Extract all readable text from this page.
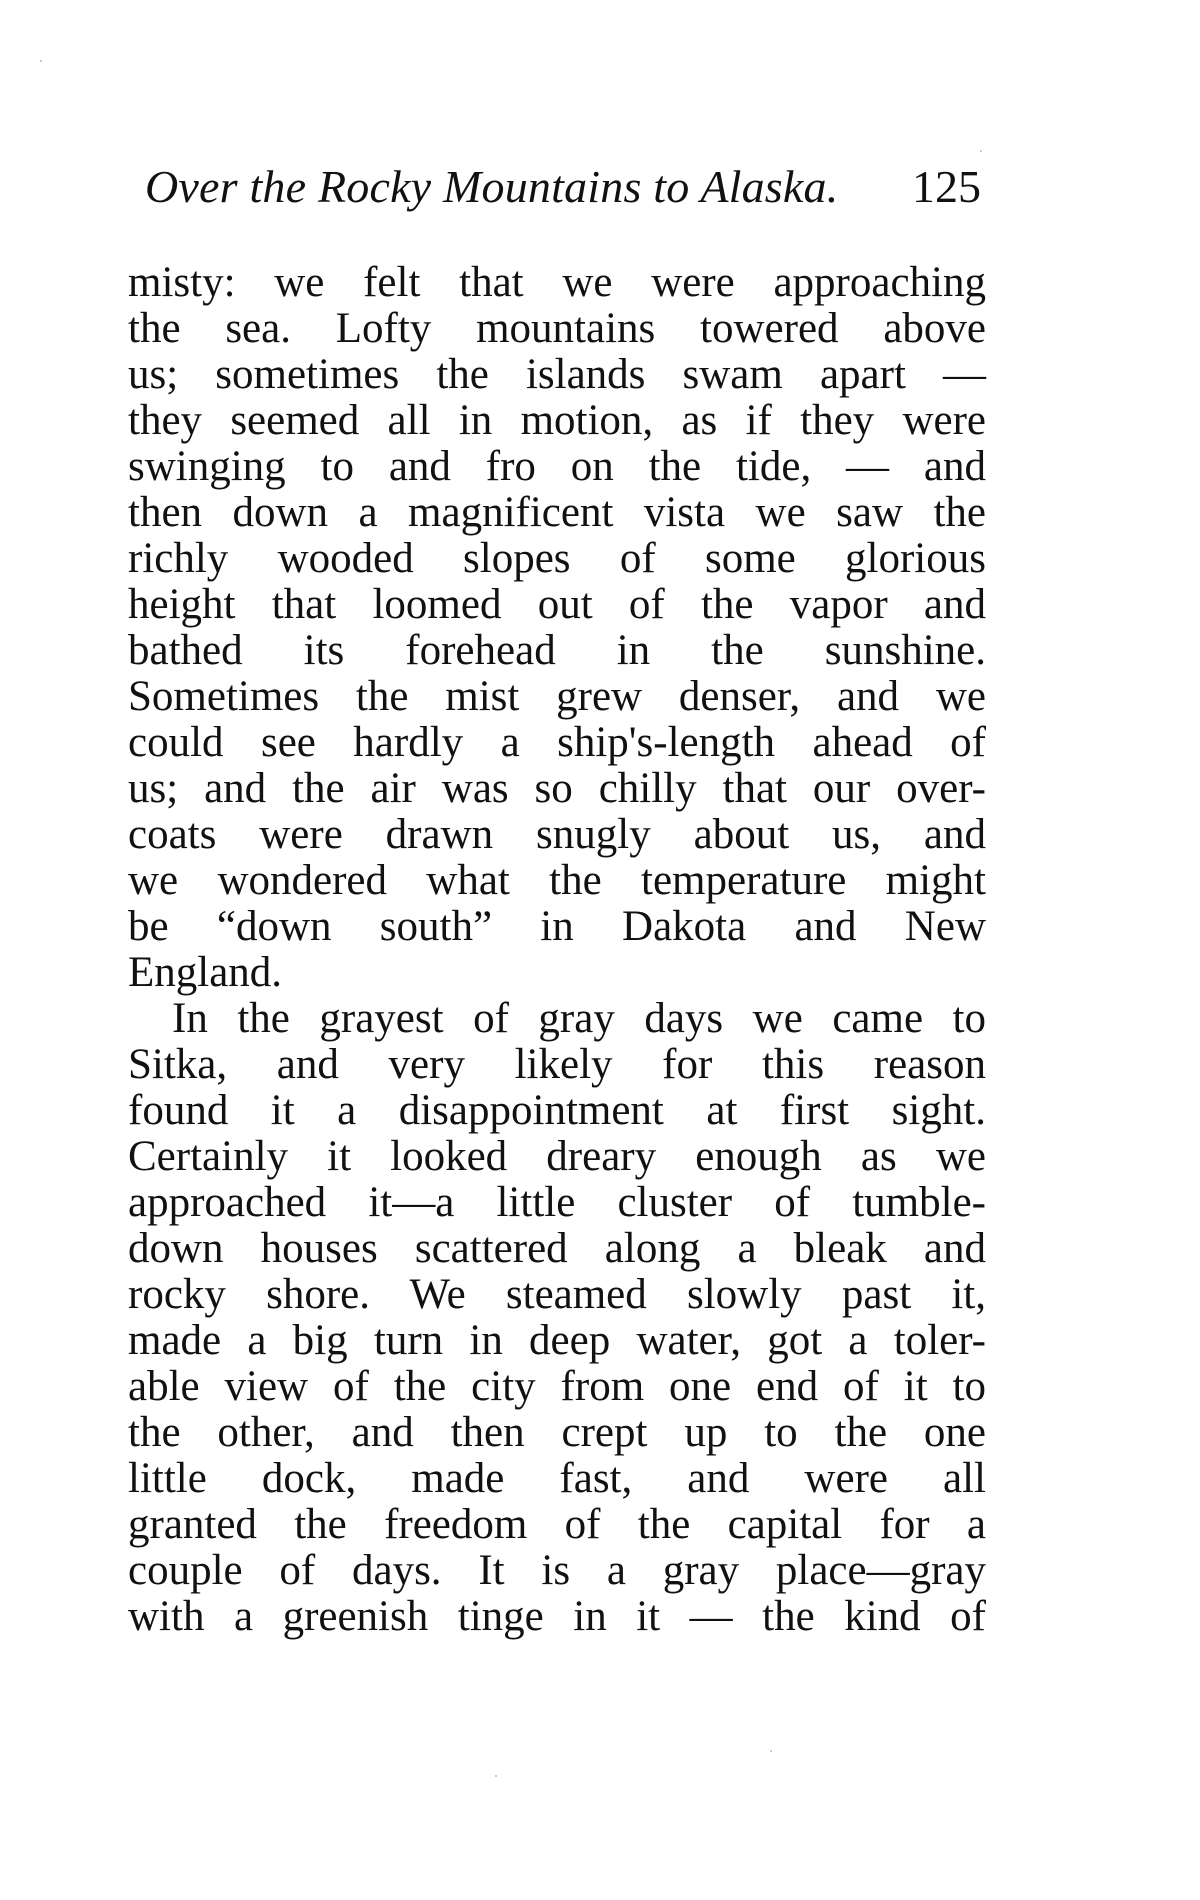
Over the Rocky Mountains to Alaska. 125
misty: we felt that we were approaching
the sea. Lofty mountains towered above
us; sometimes the islands swam apart —
they seemed all in motion, as if they were
swinging to and fro on the tide, — and
then down a magnificent vista we saw the
richly wooded slopes of some glorious
height that loomed out of the vapor and
bathed its forehead in the sunshine.
Sometimes the mist grew denser, and we
could see hardly a ship's-length ahead of
us; and the air was so chilly that our over-
coats were drawn snugly about us, and
we wondered what the temperature might
be “down south” in Dakota and New
England.
In the grayest of gray days we came to
Sitka, and very likely for this reason
found it a disappointment at first sight.
Certainly it looked dreary enough as we
approached it—a little cluster of tumble-
down houses scattered along a bleak and
rocky shore. We steamed slowly past it,
made a big turn in deep water, got a toler-
able view of the city from one end of it to
the other, and then crept up to the one
little dock, made fast, and were all
granted the freedom of the capital for a
couple of days. It is a gray place—gray
with a greenish tinge in it — the kind of
